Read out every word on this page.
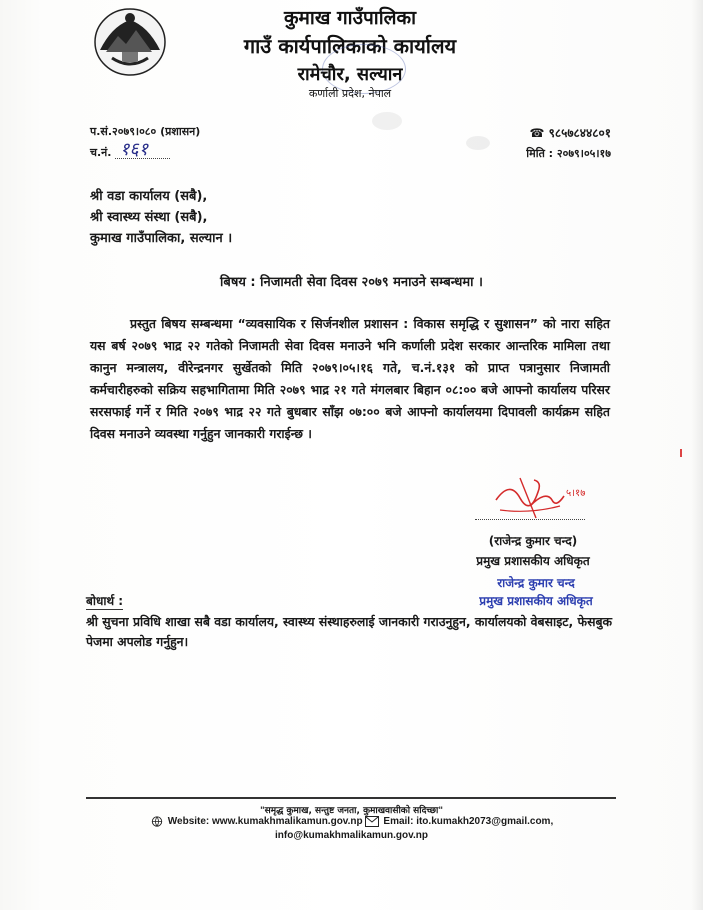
कुमाख गाउँपालिका
गाउँ कार्यपालिकाको कार्यालय
रामेचौर, सल्यान
कर्णाली प्रदेश, नेपाल
प.सं.२०७९।०८० (प्रशासन)
च.नं. १६१
☎ ९८५७८४४८०१
मिति : २०७९।०५।१७
श्री वडा कार्यालय (सबै),
श्री स्वास्थ्य संस्था (सबै),
कुमाख गाउँपालिका, सल्यान ।
बिषय : निजामती सेवा दिवस २०७९ मनाउने सम्बन्धमा ।
प्रस्तुत बिषय सम्बन्धमा “व्यवसायिक र सिर्जनशील प्रशासन : विकास समृद्धि र सुशासन” को नारा सहित यस बर्ष २०७९ भाद्र २२ गतेको निजामती सेवा दिवस मनाउने भनि कर्णाली प्रदेश सरकार आन्तरिक मामिला तथा कानुन मन्त्रालय, वीरेन्द्रनगर सुर्खेतको मिति २०७९।०५।१६ गते, च.नं.१३१ को प्राप्त पत्रानुसार निजामती कर्मचारीहरुको सक्रिय सहभागितामा मिति २०७९ भाद्र २१ गते मंगलबार बिहान ०८:०० बजे आफ्नो कार्यालय परिसर सरसफाई गर्ने र मिति २०७९ भाद्र २२ गते बुधबार साँझ ०७:०० बजे आफ्नो कार्यालयमा दिपावली कार्यक्रम सहित दिवस मनाउने व्यवस्था गर्नुहुन जानकारी गराईन्छ ।
५।१७
(राजेन्द्र कुमार चन्द)
प्रमुख प्रशासकीय अधिकृत
राजेन्द्र कुमार चन्द
प्रमुख प्रशासकीय अधिकृत
बोधार्थ :
श्री सुचना प्रविधि शाखा सबै वडा कार्यालय, स्वास्थ्य संस्थाहरुलाई जानकारी गराउनुहुन, कार्यालयको वेबसाइट, फेसबुक पेजमा अपलोड गर्नुहुन।
"समृद्ध कुमाख, सन्तुष्ट जनता, कुमाखवासीको सदिच्छा"
Website: www.kumakhmalikamun.gov.np Email: ito.kumakh2073@gmail.com,
info@kumakhmalikamun.gov.np
